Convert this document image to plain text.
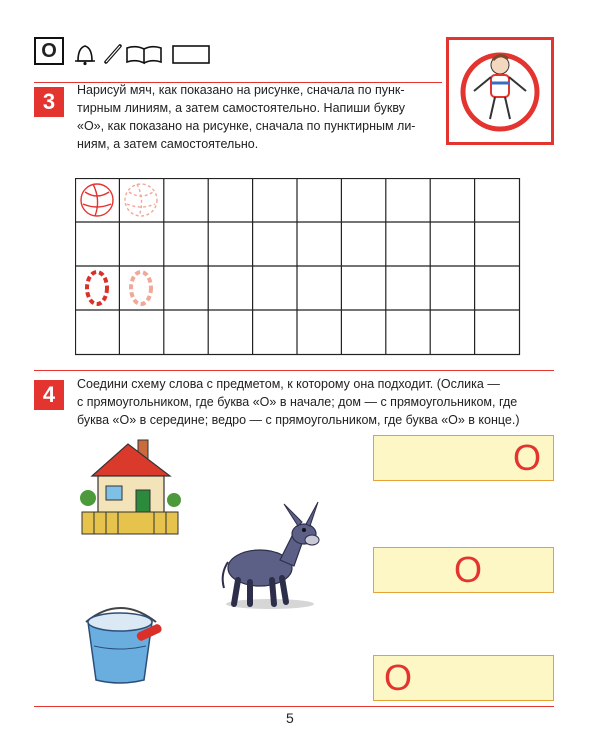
О
3	Нарисуй мяч, как показано на рисунке, сначала по пунк-
тирным линиям, а затем самостоятельно. Напиши букву
«О», как показано на рисунке, сначала по пунктирным ли-
ниям, а затем самостоятельно.
4	Соедини схему слова с предметом, к которому она подходит. (Ослика —
с прямоугольником, где буква «О» в начале; дом — с прямоугольником, где
буква «О» в середине; ведро — с прямоугольником, где буква «О» в конце.)
О
О
О
5
